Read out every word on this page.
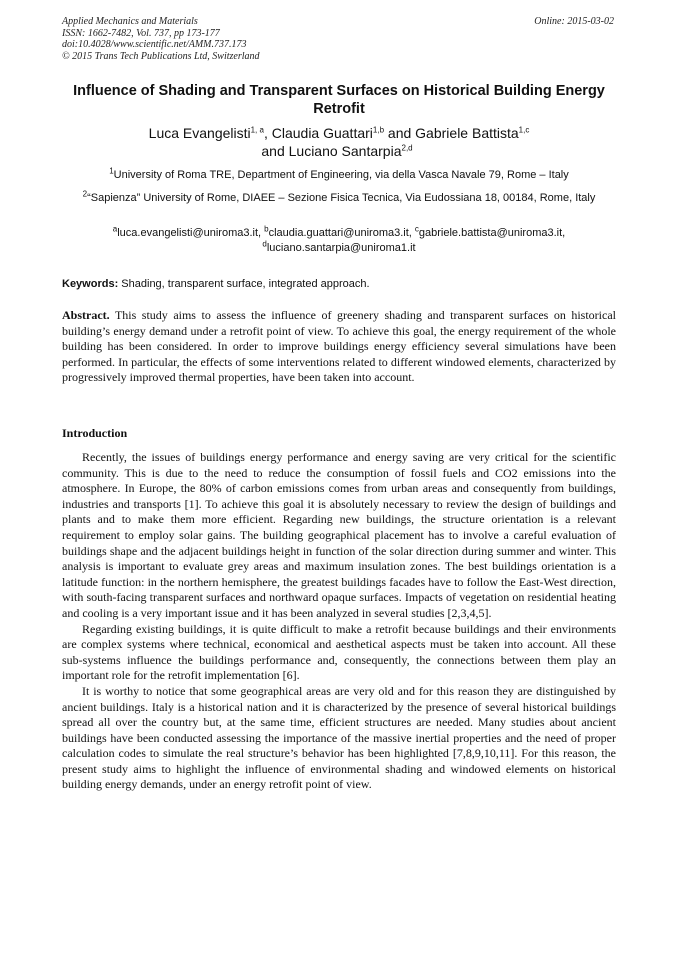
Applied Mechanics and Materials
ISSN: 1662-7482, Vol. 737, pp 173-177
doi:10.4028/www.scientific.net/AMM.737.173
© 2015 Trans Tech Publications Ltd, Switzerland
Online: 2015-03-02
Influence of Shading and Transparent Surfaces on Historical Building Energy Retrofit
Luca Evangelisti$^{1, a}$, Claudia Guattari$^{1,b}$ and Gabriele Battista$^{1,c}$
and Luciano Santarpia$^{2,d}$
$^1$University of Roma TRE, Department of Engineering, via della Vasca Navale 79, Rome – Italy
$^2$“Sapienza” University of Rome, DIAEE – Sezione Fisica Tecnica, Via Eudossiana 18, 00184, Rome, Italy
$^a$luca.evangelisti@uniroma3.it, $^b$claudia.guattari@uniroma3.it, $^c$gabriele.battista@uniroma3.it,
$^d$luciano.santarpia@uniroma1.it
Keywords: Shading, transparent surface, integrated approach.
Abstract. This study aims to assess the influence of greenery shading and transparent surfaces on historical building’s energy demand under a retrofit point of view. To achieve this goal, the energy requirement of the whole building has been considered. In order to improve buildings energy efficiency several simulations have been performed. In particular, the effects of some interventions related to different windowed elements, characterized by progressively improved thermal properties, have been taken into account.
Introduction

Recently, the issues of buildings energy performance and energy saving are very critical for the scientific community. This is due to the need to reduce the consumption of fossil fuels and CO2 emissions into the atmosphere. In Europe, the 80% of carbon emissions comes from urban areas and consequently from buildings, industries and transports [1]. To achieve this goal it is absolutely necessary to review the design of buildings and plants and to make them more efficient. Regarding new buildings, the structure orientation is a relevant requirement to employ solar gains. The building geographical placement has to involve a careful evaluation of buildings shape and the adjacent buildings height in function of the solar direction during summer and winter. This analysis is important to evaluate grey areas and maximum insulation zones. The best buildings orientation is a latitude function: in the northern hemisphere, the greatest buildings facades have to follow the East-West direction, with south-facing transparent surfaces and northward opaque surfaces. Impacts of vegetation on residential heating and cooling is a very important issue and it has been analyzed in several studies [2,3,4,5].

Regarding existing buildings, it is quite difficult to make a retrofit because buildings and their environments are complex systems where technical, economical and aesthetical aspects must be taken into account. All these sub-systems influence the buildings performance and, consequently, the connections between them play an important role for the retrofit implementation [6].

It is worthy to notice that some geographical areas are very old and for this reason they are distinguished by ancient buildings. Italy is a historical nation and it is characterized by the presence of several historical buildings spread all over the country but, at the same time, efficient structures are needed. Many studies about ancient buildings have been conducted assessing the importance of the massive inertial properties and the need of proper calculation codes to simulate the real structure’s behavior has been highlighted [7,8,9,10,11]. For this reason, the present study aims to highlight the influence of environmental shading and windowed elements on historical building energy demands, under an energy retrofit point of view.
